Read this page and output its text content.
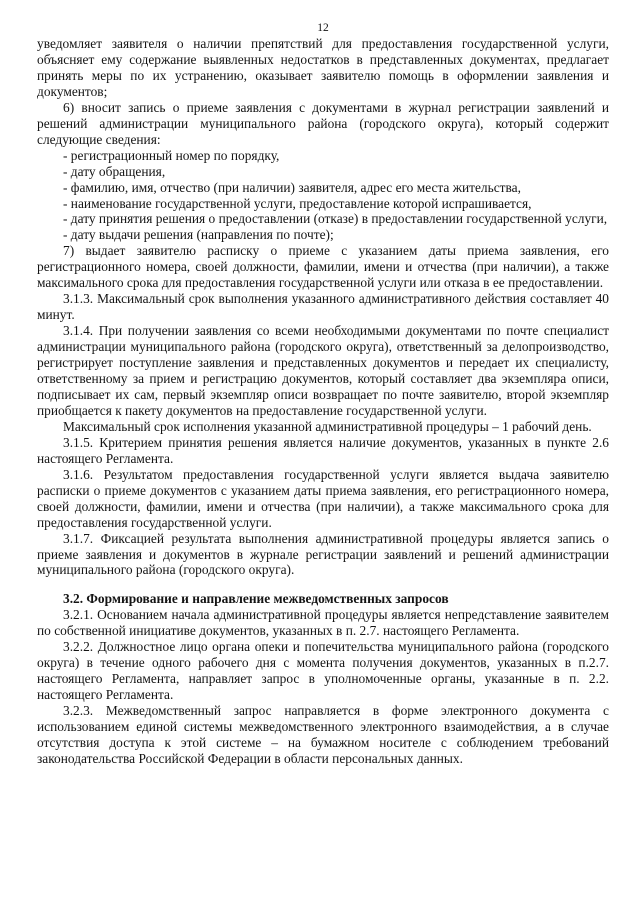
12

уведомляет заявителя о наличии препятствий для предоставления государственной услуги, объясняет ему содержание выявленных недостатков в представленных документах, предлагает принять меры по их устранению, оказывает заявителю помощь в оформлении заявления и документов;

6) вносит запись о приеме заявления с документами в журнал регистрации заявлений и решений администрации муниципального района (городского округа), который содержит следующие сведения:

- регистрационный номер по порядку,

- дату обращения,

- фамилию, имя, отчество (при наличии) заявителя, адрес его места жительства,

- наименование государственной услуги, предоставление которой испрашивается,

- дату принятия решения о предоставлении (отказе) в предоставлении государственной услуги,

- дату выдачи решения (направления по почте);

7) выдает заявителю расписку о приеме с указанием даты приема заявления, его регистрационного номера, своей должности, фамилии, имени и отчества (при наличии), а также максимального срока для предоставления государственной услуги или отказа в ее предоставлении.

3.1.3. Максимальный срок выполнения указанного административного действия составляет 40 минут.

3.1.4. При получении заявления со всеми необходимыми документами по почте специалист администрации муниципального района (городского округа), ответственный за делопроизводство, регистрирует поступление заявления и представленных документов и передает их специалисту, ответственному за прием и регистрацию документов, который составляет два экземпляра описи, подписывает их сам, первый экземпляр описи возвращает по почте заявителю, второй экземпляр приобщается к пакету документов на предоставление государственной услуги.

Максимальный срок исполнения указанной административной процедуры – 1 рабочий день.

3.1.5. Критерием принятия решения является наличие документов, указанных в пункте 2.6 настоящего Регламента.

3.1.6. Результатом предоставления государственной услуги является выдача заявителю расписки о приеме документов с указанием даты приема заявления, его регистрационного номера, своей должности, фамилии, имени и отчества (при наличии), а также максимального срока для предоставления государственной услуги.

3.1.7. Фиксацией результата выполнения административной процедуры является запись о приеме заявления и документов в журнале регистрации заявлений и решений администрации муниципального района (городского округа).

3.2. Формирование и направление межведомственных запросов

3.2.1. Основанием начала административной процедуры является непредставление заявителем по собственной инициативе документов, указанных в п. 2.7. настоящего Регламента.

3.2.2. Должностное лицо органа опеки и попечительства муниципального района (городского округа) в течение одного рабочего дня с момента получения документов, указанных в п.2.7. настоящего Регламента, направляет запрос в уполномоченные органы, указанные в п. 2.2. настоящего Регламента.

3.2.3. Межведомственный запрос направляется в форме электронного документа с использованием единой системы межведомственного электронного взаимодействия, а в случае отсутствия доступа к этой системе – на бумажном носителе с соблюдением требований законодательства Российской Федерации в области персональных данных.
